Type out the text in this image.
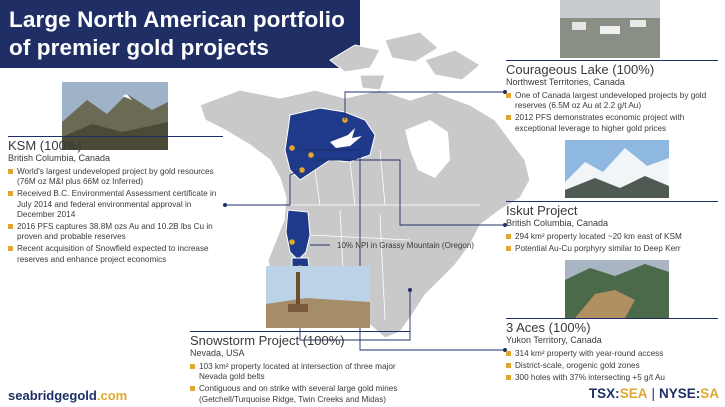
Large North American portfolio
of premier gold projects
Courageous Lake (100%)
Northwest Territories, Canada
One of Canada largest undeveloped projects by gold reserves (6.5M oz Au at 2.2 g/t Au)
2012 PFS demonstrates economic project with exceptional leverage to higher gold prices
KSM (100%)
British Columbia, Canada
World's largest undeveloped project by gold resources (76M oz M&I plus 66M oz Inferred)
Received B.C. Environmental Assessment certificate in July 2014 and federal environmental approval in December 2014
2016 PFS captures 38.8M ozs Au and 10.2B lbs Cu in proven and probable reserves
Recent acquisition of Snowfield expected to increase reserves and enhance project economics
Iskut Project
British Columbia, Canada
294 km² property located ~20 km east of KSM
Potential Au-Cu porphyry similar to Deep Kerr
Snowstorm Project (100%)
Nevada, USA
103 km² property located at intersection of three major Nevada gold belts
Contiguous and on strike with several large gold mines (Getchell/Turquoise Ridge, Twin Creeks and Midas)
3 Aces (100%)
Yukon Territory, Canada
314 km² property with year-round access
District-scale, orogenic gold zones
300 holes with 37% intersecting +5 g/t Au
10% NPI in Grassy Mountain (Oregon)
seabridgegold.com	TSX:SEA | NYSE:SA
